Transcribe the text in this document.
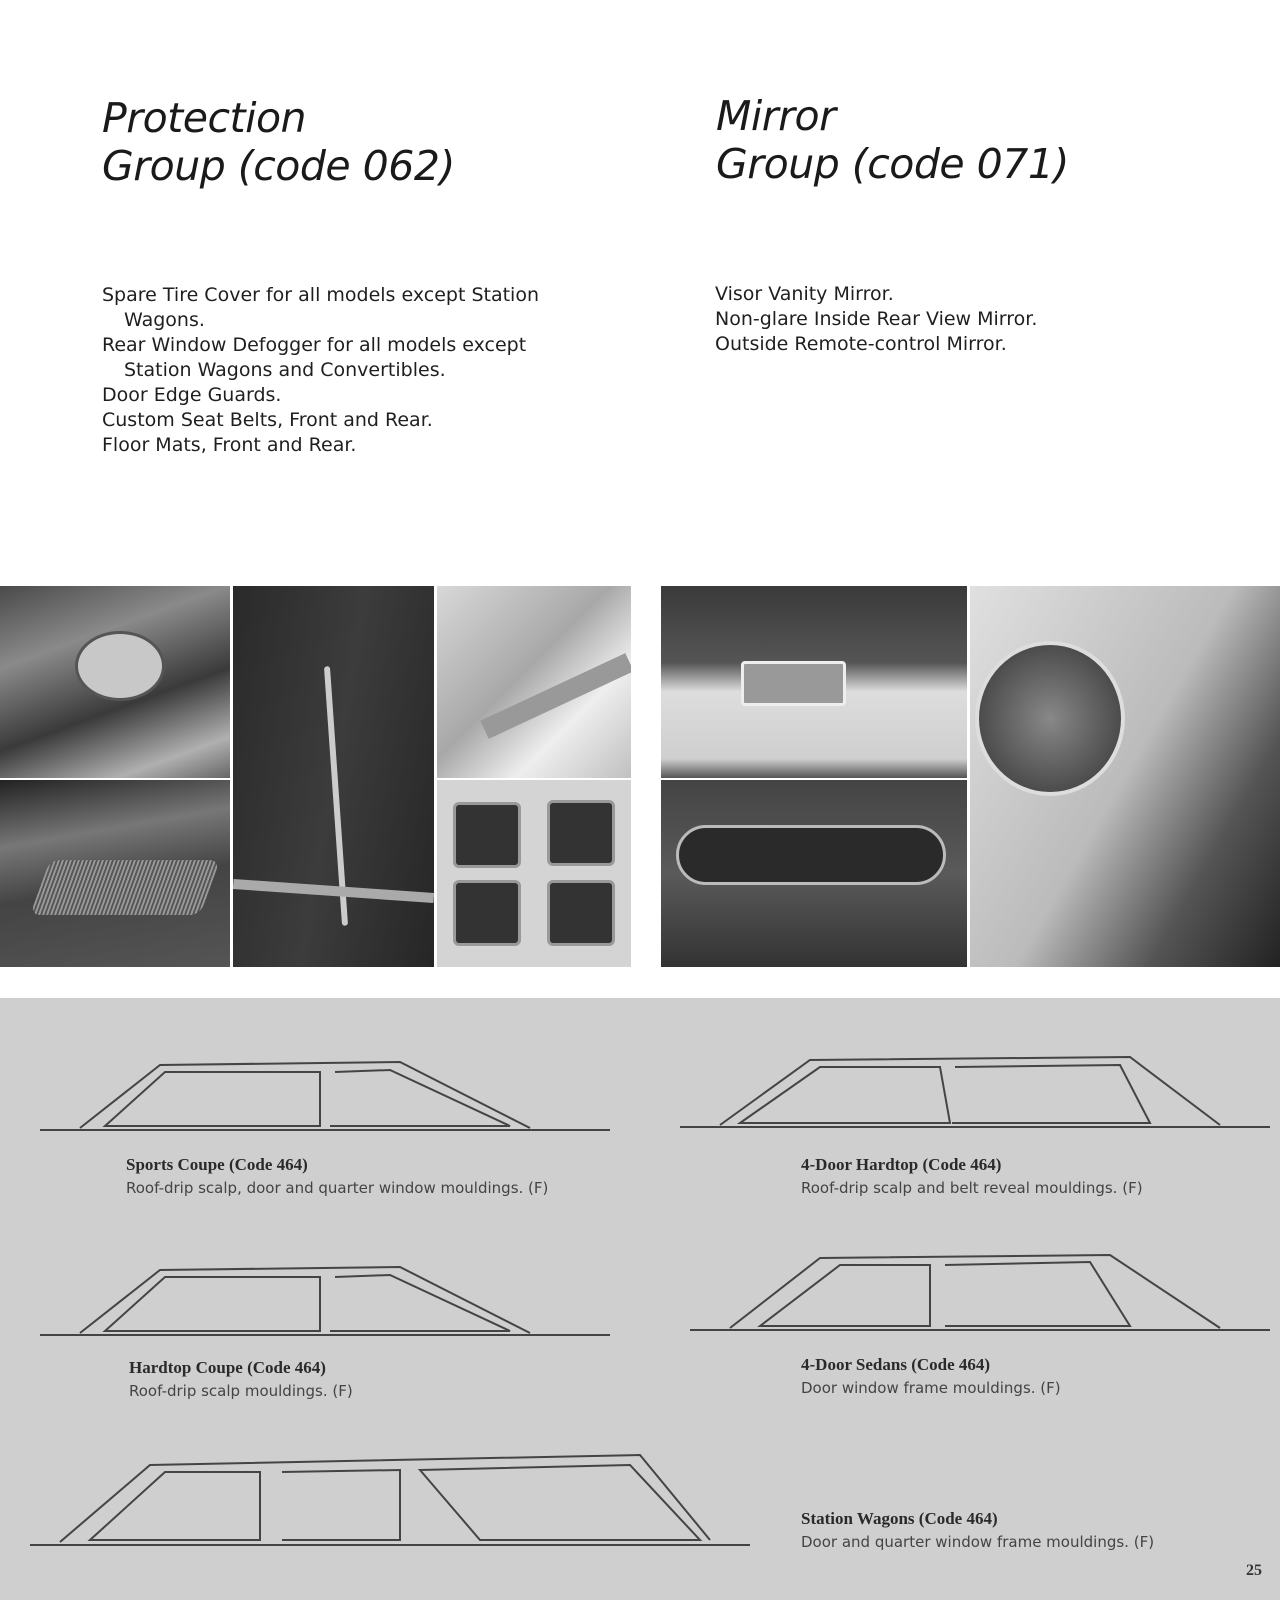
Protection
Group (code 062)
Mirror
Group (code 071)
Spare Tire Cover for all models except Station
Wagons.
Rear Window Defogger for all models except
Station Wagons and Convertibles.
Door Edge Guards.
Custom Seat Belts, Front and Rear.
Floor Mats, Front and Rear.
Visor Vanity Mirror.
Non-glare Inside Rear View Mirror.
Outside Remote-control Mirror.
Sports Coupe (Code 464)
Roof-drip scalp, door and quarter window mouldings. (F)
4-Door Hardtop (Code 464)
Roof-drip scalp and belt reveal mouldings. (F)
Hardtop Coupe (Code 464)
Roof-drip scalp mouldings. (F)
4-Door Sedans (Code 464)
Door window frame mouldings. (F)
Station Wagons (Code 464)
Door and quarter window frame mouldings. (F)
25
